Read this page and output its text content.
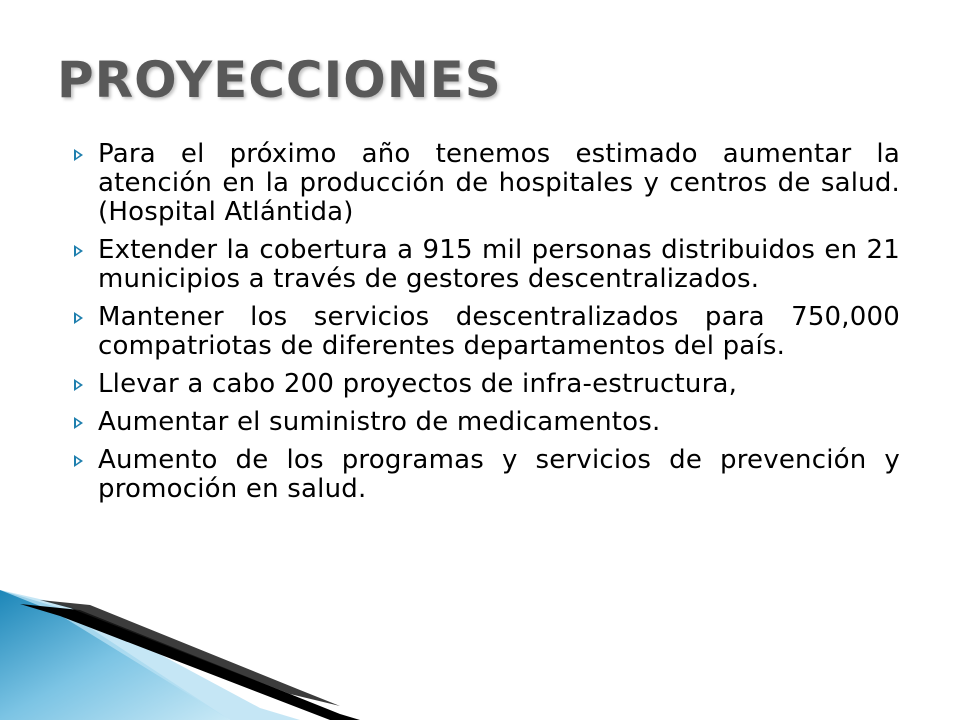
PROYECCIONES
Para el próximo año tenemos estimado aumentar la atención en la producción de hospitales y centros de salud. (Hospital Atlántida)
Extender la cobertura a 915 mil personas distribuidos en 21 municipios a través de gestores descentralizados.
Mantener los servicios descentralizados para 750,000 compatriotas de diferentes departamentos del país.
Llevar a cabo 200 proyectos de infra-estructura,
Aumentar el suministro de medicamentos.
Aumento de los programas y servicios de prevención y promoción en salud.
